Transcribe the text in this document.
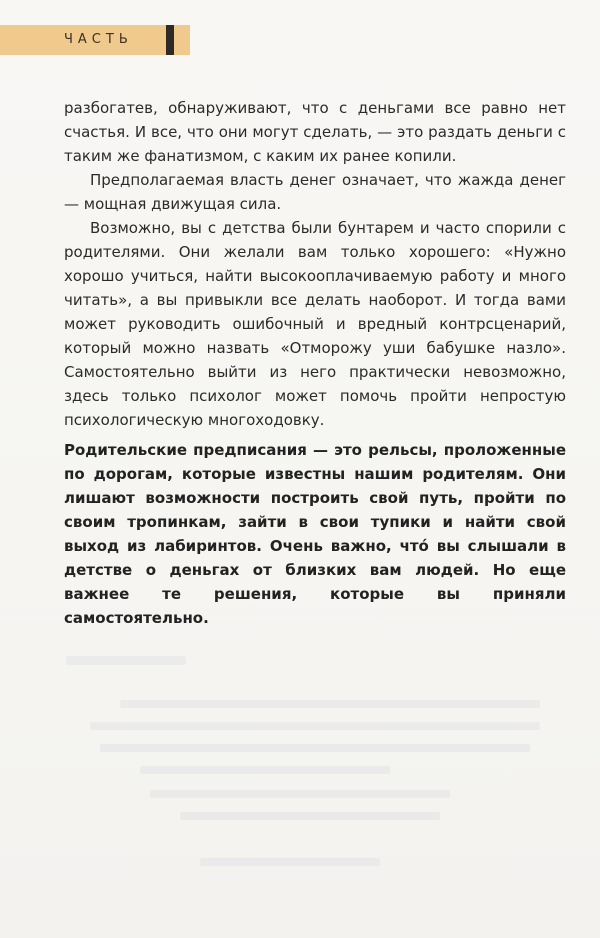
ЧАСТЬ

разбогатев, обнаруживают, что с деньгами все равно нет счастья. И все, что они могут сделать, — это раздать деньги с таким же фанатизмом, с каким их ранее копили.

Предполагаемая власть денег означает, что жажда денег — мощная движущая сила.

Возможно, вы с детства были бунтарем и часто спорили с родителями. Они желали вам только хорошего: «Нужно хорошо учиться, найти высокооплачиваемую работу и много читать», а вы привыкли все делать наоборот. И тогда вами может руководить ошибочный и вредный контрсценарий, который можно назвать «Отморожу уши бабушке назло». Самостоятельно выйти из него практически невозможно, здесь только психолог может помочь пройти непростую психологическую многоходовку.

Родительские предписания — это рельсы, проложенные по дорогам, которые известны нашим родителям. Они лишают возможности построить свой путь, пройти по своим тропинкам, зайти в свои тупики и найти свой выход из лабиринтов. Очень важно, что́ вы слышали в детстве о деньгах от близких вам людей. Но еще важнее те решения, которые вы приняли самостоятельно.
